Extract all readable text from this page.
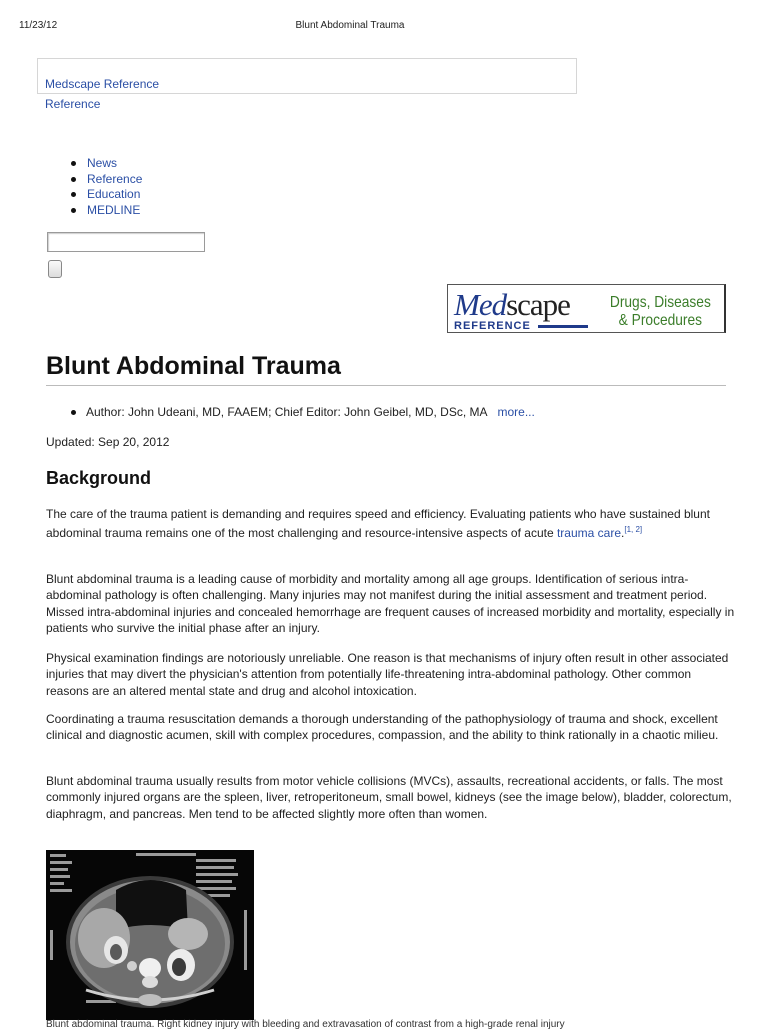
11/23/12	Blunt Abdominal Trauma
Medscape Reference
Reference
News
Reference
Education
MEDLINE
Medscape
REFERENCE
Drugs, Diseases
& Procedures
Blunt Abdominal Trauma
Author: John Udeani, MD, FAAEM; Chief Editor: John Geibel, MD, DSc, MA more...
Updated: Sep 20, 2012
Background

The care of the trauma patient is demanding and requires speed and efficiency. Evaluating patients who have sustained blunt abdominal trauma remains one of the most challenging and resource-intensive aspects of acute trauma care.[1, 2]

Blunt abdominal trauma is a leading cause of morbidity and mortality among all age groups. Identification of serious intra-abdominal pathology is often challenging. Many injuries may not manifest during the initial assessment and treatment period. Missed intra-abdominal injuries and concealed hemorrhage are frequent causes of increased morbidity and mortality, especially in patients who survive the initial phase after an injury.

Physical examination findings are notoriously unreliable. One reason is that mechanisms of injury often result in other associated injuries that may divert the physician's attention from potentially life-threatening intra-abdominal pathology. Other common reasons are an altered mental state and drug and alcohol intoxication.

Coordinating a trauma resuscitation demands a thorough understanding of the pathophysiology of trauma and shock, excellent clinical and diagnostic acumen, skill with complex procedures, compassion, and the ability to think rationally in a chaotic milieu.

Blunt abdominal trauma usually results from motor vehicle collisions (MVCs), assaults, recreational accidents, or falls. The most commonly injured organs are the spleen, liver, retroperitoneum, small bowel, kidneys (see the image below), bladder, colorectum, diaphragm, and pancreas. Men tend to be affected slightly more often than women.

Blunt abdominal trauma. Right kidney injury with bleeding and extravasation of contrast from a high-grade renal injury
